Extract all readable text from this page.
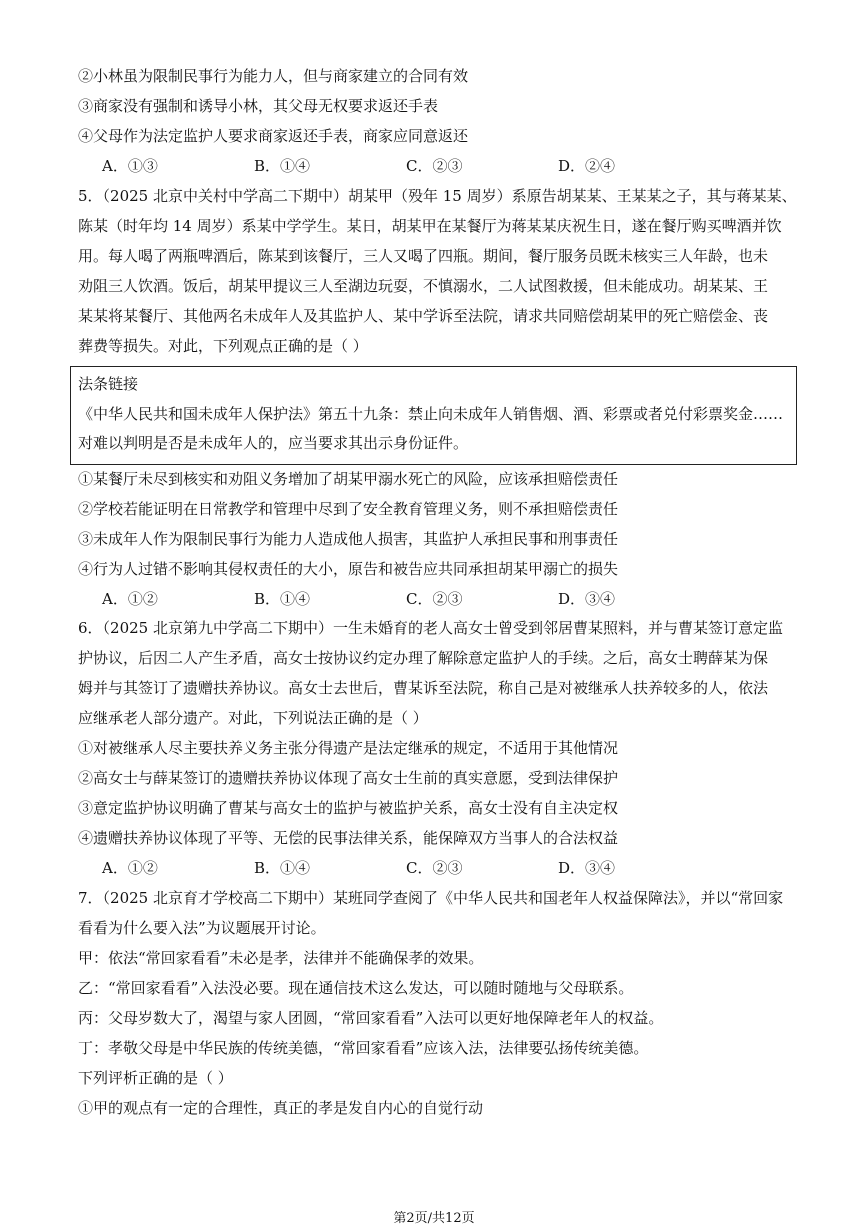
②小林虽为限制民事行为能力人，但与商家建立的合同有效
③商家没有强制和诱导小林，其父母无权要求返还手表
④父母作为法定监护人要求商家返还手表，商家应同意返还
A．①③	B．①④	C．②③	D．②④
5．（2025 北京中关村中学高二下期中）胡某甲（殁年 15 周岁）系原告胡某某、王某某之子，其与蒋某某、
陈某（时年均 14 周岁）系某中学学生。某日，胡某甲在某餐厅为蒋某某庆祝生日，遂在餐厅购买啤酒并饮
用。每人喝了两瓶啤酒后，陈某到该餐厅，三人又喝了四瓶。期间，餐厅服务员既未核实三人年龄，也未
劝阻三人饮酒。饭后，胡某甲提议三人至湖边玩耍，不慎溺水，二人试图救援，但未能成功。胡某某、王
某某将某餐厅、其他两名未成年人及其监护人、某中学诉至法院，请求共同赔偿胡某甲的死亡赔偿金、丧
葬费等损失。对此，下列观点正确的是（ ）
法条链接
《中华人民共和国未成年人保护法》第五十九条：禁止向未成年人销售烟、酒、彩票或者兑付彩票奖金……
对难以判明是否是未成年人的，应当要求其出示身份证件。
①某餐厅未尽到核实和劝阻义务增加了胡某甲溺水死亡的风险，应该承担赔偿责任
②学校若能证明在日常教学和管理中尽到了安全教育管理义务，则不承担赔偿责任
③未成年人作为限制民事行为能力人造成他人损害，其监护人承担民事和刑事责任
④行为人过错不影响其侵权责任的大小，原告和被告应共同承担胡某甲溺亡的损失
A．①②	B．①④	C．②③	D．③④
6．（2025 北京第九中学高二下期中）一生未婚育的老人高女士曾受到邻居曹某照料，并与曹某签订意定监
护协议，后因二人产生矛盾，高女士按协议约定办理了解除意定监护人的手续。之后，高女士聘薛某为保
姆并与其签订了遗赠扶养协议。高女士去世后，曹某诉至法院，称自己是对被继承人扶养较多的人，依法
应继承老人部分遗产。对此，下列说法正确的是（ ）
①对被继承人尽主要扶养义务主张分得遗产是法定继承的规定，不适用于其他情况
②高女士与薛某签订的遗赠扶养协议体现了高女士生前的真实意愿，受到法律保护
③意定监护协议明确了曹某与高女士的监护与被监护关系，高女士没有自主决定权
④遗赠扶养协议体现了平等、无偿的民事法律关系，能保障双方当事人的合法权益
A．①②	B．①④	C．②③	D．③④
7．（2025 北京育才学校高二下期中）某班同学查阅了《中华人民共和国老年人权益保障法》，并以“常回家
看看为什么要入法”为议题展开讨论。
甲：依法“常回家看看”未必是孝，法律并不能确保孝的效果。
乙：“常回家看看”入法没必要。现在通信技术这么发达，可以随时随地与父母联系。
丙：父母岁数大了，渴望与家人团圆，“常回家看看”入法可以更好地保障老年人的权益。
丁：孝敬父母是中华民族的传统美德，“常回家看看”应该入法，法律要弘扬传统美德。
下列评析正确的是（ ）
①甲的观点有一定的合理性，真正的孝是发自内心的自觉行动
第2页/共12页
